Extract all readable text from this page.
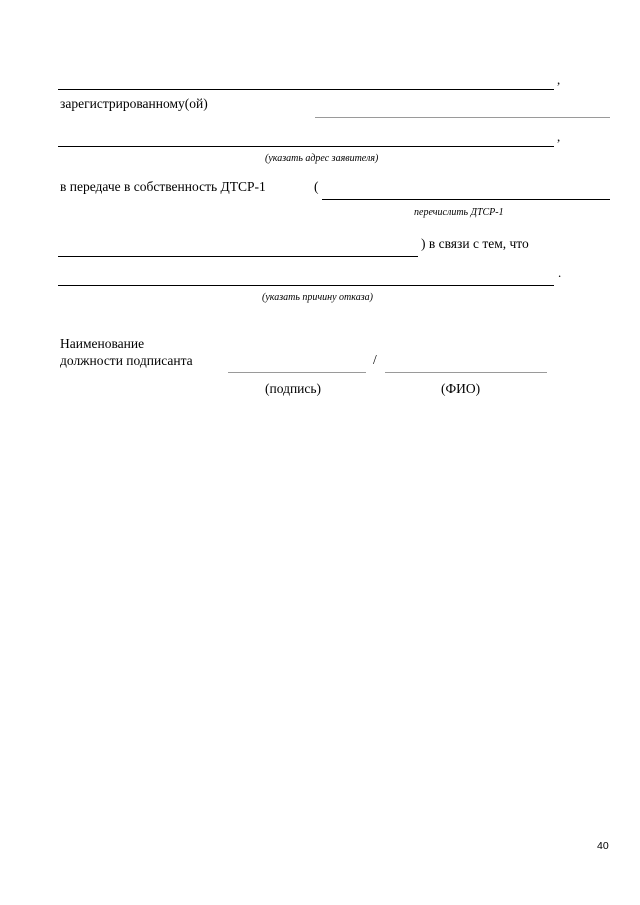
,
зарегистрированному(ой)
,
(указать адрес заявителя)
в передаче в собственность ДТСР-1	(
перечислить ДТСР-1
) в связи с тем, что
.
(указать причину отказа)
Наименование
должности подписанта	/
(подпись)	(ФИО)
40
